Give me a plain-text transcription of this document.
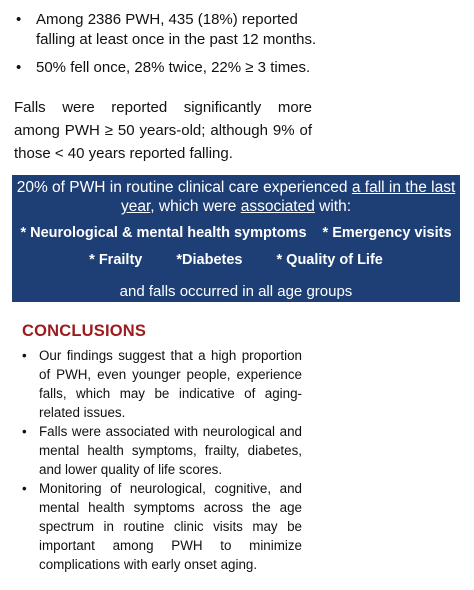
• Among 2386 PWH, 435 (18%) reported falling at least once in the past 12 months.
• 50% fell once, 28% twice, 22% ≥ 3 times.

Falls were reported significantly more among PWH ≥ 50 years-old; although 9% of those < 40 years reported falling.

20% of PWH in routine clinical care experienced a fall in the last year, which were associated with:

* Neurological & mental health symptoms * Emergency visits

* Frailty *Diabetes * Quality of Life

and falls occurred in all age groups

CONCLUSIONS
• Our findings suggest that a high proportion of PWH, even younger people, experience falls, which may be indicative of aging-related issues.
• Falls were associated with neurological and mental health symptoms, frailty, diabetes, and lower quality of life scores.
• Monitoring of neurological, cognitive, and mental health symptoms across the age spectrum in routine clinic visits may be important among PWH to minimize complications with early onset aging.
